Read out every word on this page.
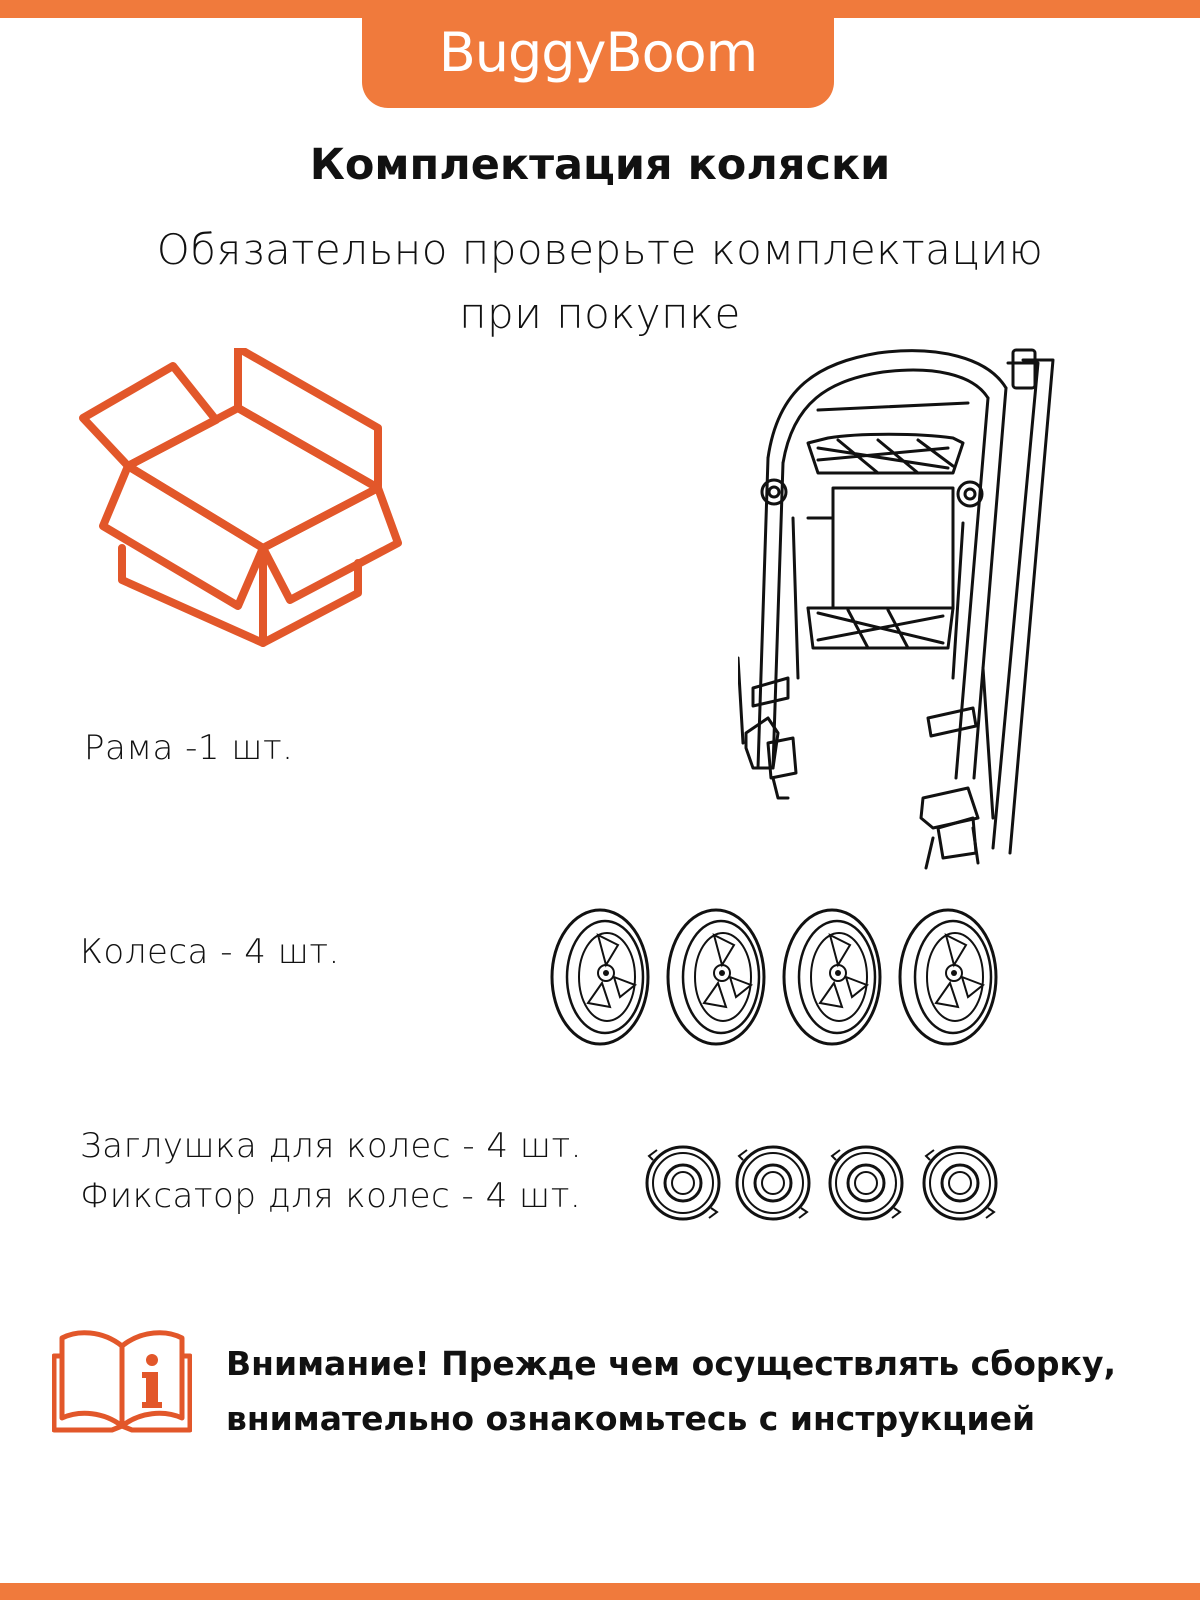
BuggyBoom
Комплектация коляски
Обязательно проверьте комплектацию
при покупке
Рама -1 шт.
Колеса - 4 шт.
Заглушка для колес - 4 шт.
Фиксатор для колес - 4 шт.
Внимание! Прежде чем осуществлять сборку,
внимательно ознакомьтесь с инструкцией
